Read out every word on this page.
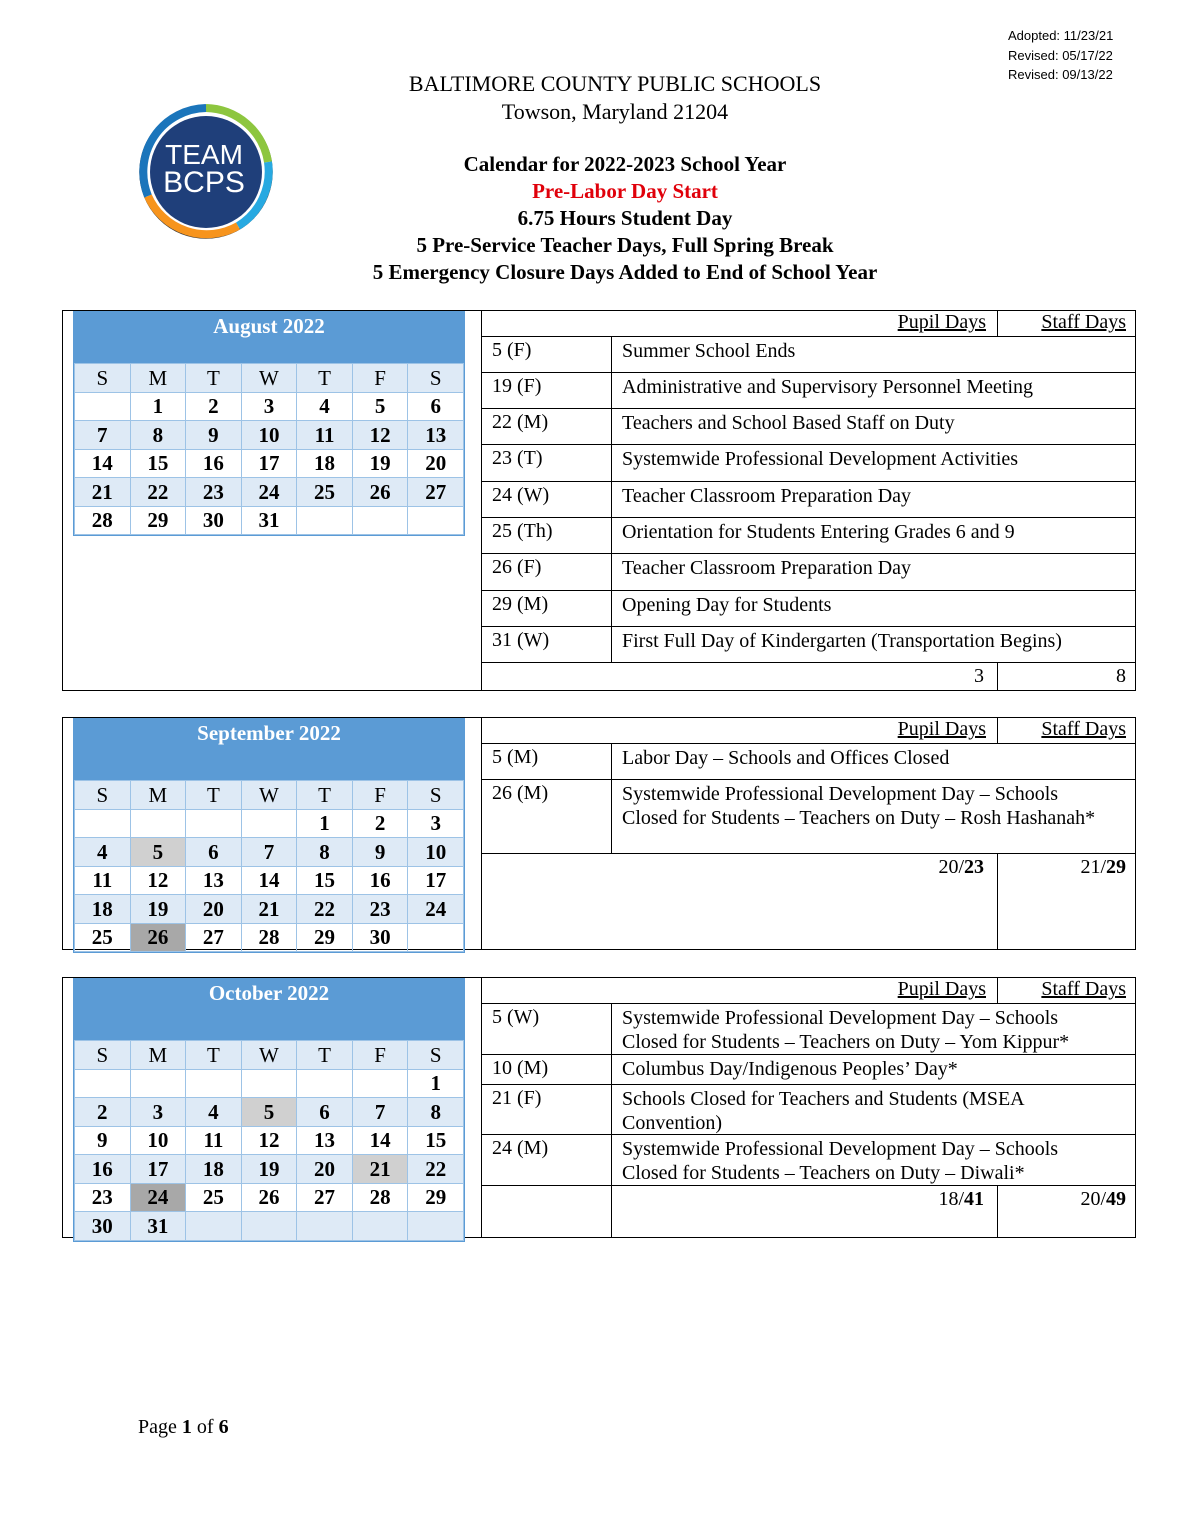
Adopted: 11/23/21
Revised: 05/17/22
Revised: 09/13/22
BALTIMORE COUNTY PUBLIC SCHOOLS
Towson, Maryland 21204
TEAM
BCPS
Calendar for 2022-2023 School Year
Pre-Labor Day Start
6.75 Hours Student Day
5 Pre-Service Teacher Days, Full Spring Break
5 Emergency Closure Days Added to End of School Year
August 2022
S	M	T	W	T	F	S
	1	2	3	4	5	6
7	8	9	10	11	12	13
14	15	16	17	18	19	20
21	22	23	24	25	26	27
28	29	30	31			
Pupil Days	Staff Days
5 (F)	Summer School Ends
19 (F)	Administrative and Supervisory Personnel Meeting
22 (M)	Teachers and School Based Staff on Duty
23 (T)	Systemwide Professional Development Activities
24 (W)	Teacher Classroom Preparation Day
25 (Th)	Orientation for Students Entering Grades 6 and 9
26 (F)	Teacher Classroom Preparation Day
29 (M)	Opening Day for Students
31 (W)	First Full Day of Kindergarten (Transportation Begins)
3	8
September 2022
S	M	T	W	T	F	S
				1	2	3
4	5	6	7	8	9	10
11	12	13	14	15	16	17
18	19	20	21	22	23	24
25	26	27	28	29	30	
Pupil Days	Staff Days
5 (M)	Labor Day – Schools and Offices Closed
26 (M)	Systemwide Professional Development Day – Schools Closed for Students – Teachers on Duty – Rosh Hashanah*
20/23	21/29
October 2022
S	M	T	W	T	F	S
						1
2	3	4	5	6	7	8
9	10	11	12	13	14	15
16	17	18	19	20	21	22
23	24	25	26	27	28	29
30	31					
Pupil Days	Staff Days
5 (W)	Systemwide Professional Development Day – Schools Closed for Students – Teachers on Duty – Yom Kippur*
10 (M)	Columbus Day/Indigenous Peoples’ Day*
21 (F)	Schools Closed for Teachers and Students (MSEA Convention)
24 (M)	Systemwide Professional Development Day – Schools Closed for Students – Teachers on Duty – Diwali*
18/41	20/49
Page 1 of 6
